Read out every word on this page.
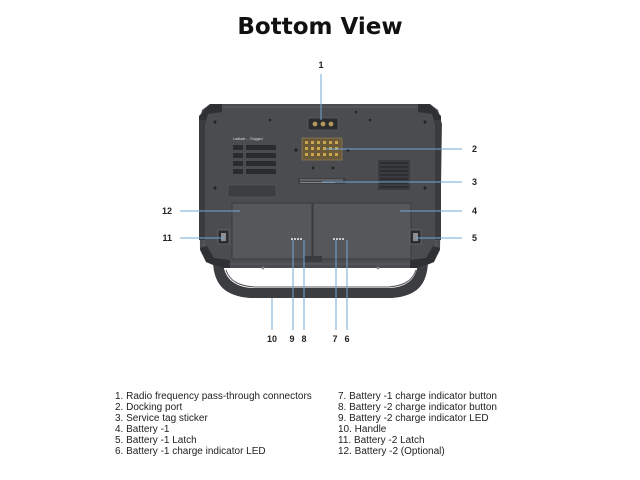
Bottom View
Latitude ... Rugged
1
2
3
4
5
6
7
8
9
10
11
12
1. Radio frequency pass-through connectors
2. Docking port
3. Service tag sticker
4. Battery -1
5. Battery -1 Latch
6. Battery -1 charge indicator LED
7. Battery -1 charge indicator button
8. Battery -2 charge indicator button
9. Battery -2 charge indicator LED
10. Handle
11. Battery -2 Latch
12. Battery -2 (Optional)
